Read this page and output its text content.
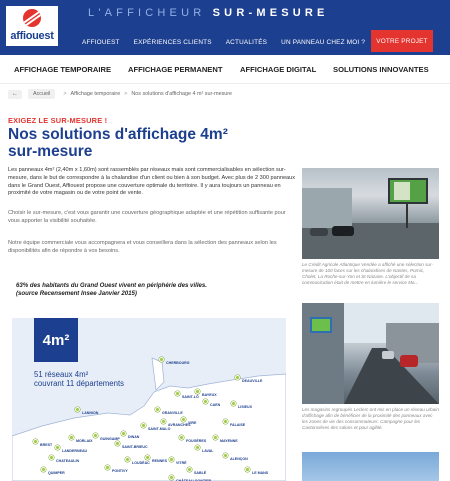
affiouest
L'AFFICHEUR SUR-MESURE
AFFIOUEST EXPÉRIENCES CLIENTS ACTUALITÉS UN PANNEAU CHEZ MOI ?	VOTRE PROJET
AFFICHAGE TEMPORAIRE AFFICHAGE PERMANENT AFFICHAGE DIGITAL SOLUTIONS INNOVANTES
←	Accueil	> Affichage temporaire > Nos solutions d'affichage 4 m² sur-mesure
EXIGEZ LE SUR-MESURE !
Nos solutions d'affichage 4m²
sur-mesure

Les panneaux 4m² (2,40m x 1,60m) sont rassemblés par réseaux mais sont commercialisables en sélection sur-mesure, dans le but de correspondre à la chalandise d'un client ou bien à son budget. Avec plus de 2 300 panneaux dans le Grand Ouest, Affiouest propose une couverture optimale du territoire. Il y aura toujours un panneau en proximité de votre magasin ou de votre point de vente.

Choisir le sur-mesure, c'est vous garantir une couverture géographique adaptée et une répétition suffisante pour vous apporter la visibilité souhaitée.

Notre équipe commerciale vous accompagnera et vous conseillera dans la sélection des panneaux selon les disponibilités afin de répondre à vos besoins.

63% des habitants du Grand Ouest vivent en périphérie des villes.
(source Recensement Insee Janvier 2015)
4m²
51 réseaux 4m²
couvrant 11 départements
CHERBOURG
DEAUVILLE
BAYEUX
SAINT-LÔ
CAEN	LISIEUX
LANNION	GRANVILLE
AVRANCHES	FALAISE
VIRE
SAINT-MALO
DINAN
FOUGÈRES
GUINGAMP
SAINT-BRIEUC
BREST
LANDERNEAU
MORLAIX
CHATEAULIN
QUIMPER
LOUDÉAC
PONTIVY
RENNES	VITRÉ
LAVAL
ALENÇON
LE MANS
SABLÉ
CHÂTEAU-GONTIER
MAYENNE
Le Crédit Agricole Atlantique Vendée a affiché une sélection sur-mesure de 100 faces sur les chalandises de Nantes, Pornic, Cholet, La Roche-sur-Yon et St-Nazaire. L'objectif de sa communication était de mettre en lumière le service Ma...
Les magasins regroupés Leclerc ont mis en place un réseau urbain d'affichage afin de bénéficier de la proximité des panneaux avec les zones de vie des consommateurs. Campagne pour les Cantonnières des salons et pour agilité.
